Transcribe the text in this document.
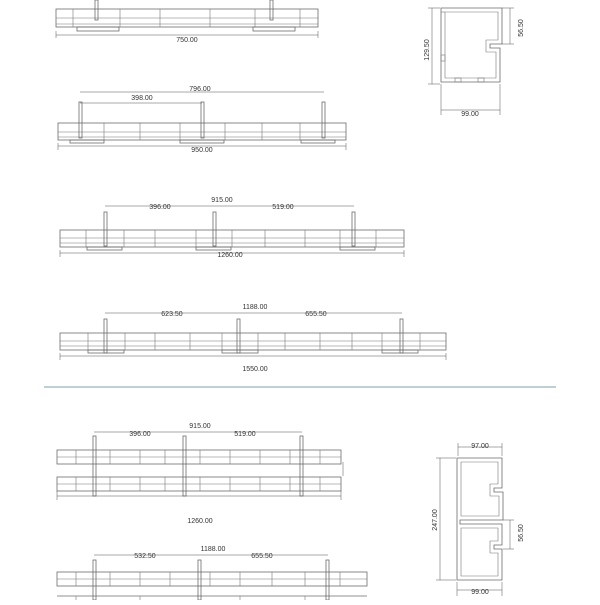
750.00
796.00
398.00
950.00
915.00
396.00	519.00
1260.00
1188.00
623.50	655.50
1550.00
129.50
56.50
99.00
915.00
396.00	519.00
1260.00
1188.00
532.50	655.50
97.00
247.00
56.50
99.00
